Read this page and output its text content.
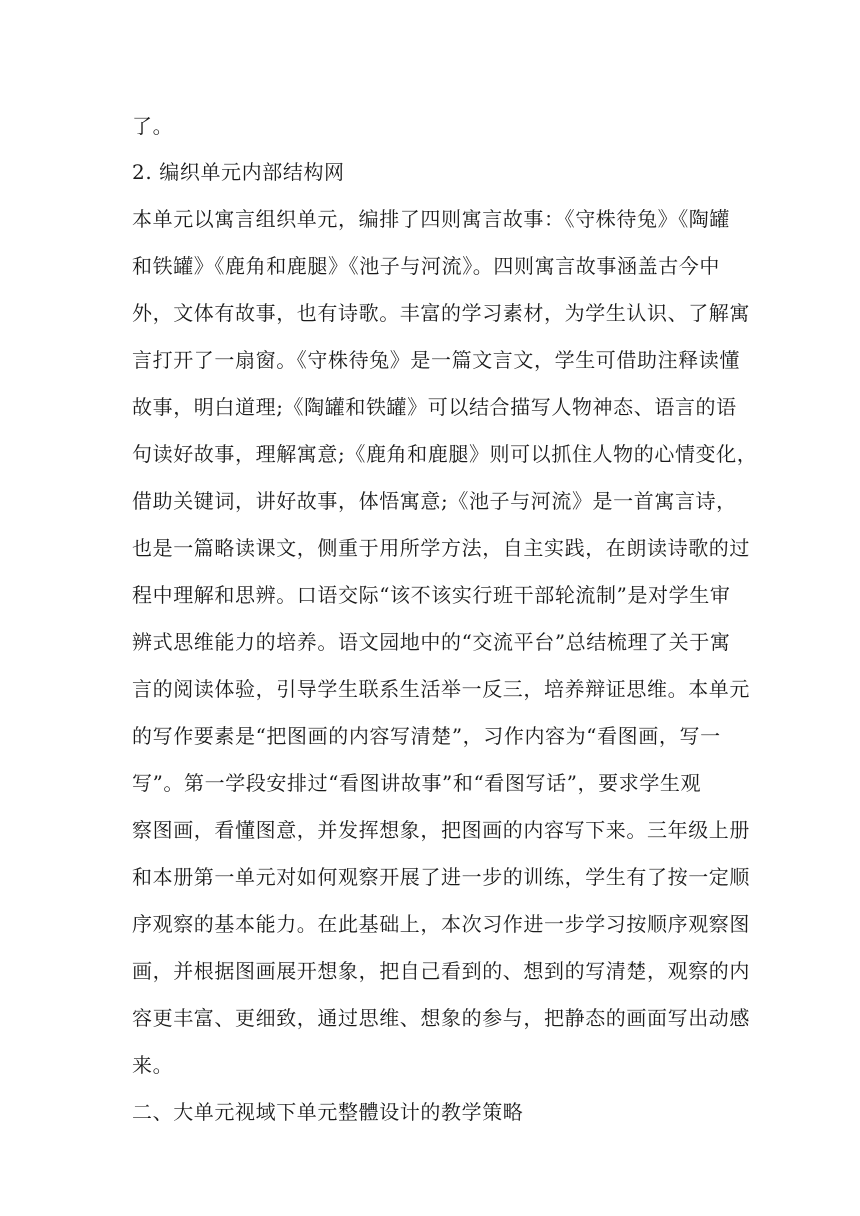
了。
2. 编织单元内部结构网
本单元以寓言组织单元，编排了四则寓言故事：《守株待兔》《陶罐
和铁罐》《鹿角和鹿腿》《池子与河流》。四则寓言故事涵盖古今中
外，文体有故事，也有诗歌。丰富的学习素材，为学生认识、了解寓
言打开了一扇窗。《守株待兔》是一篇文言文，学生可借助注释读懂
故事，明白道理;《陶罐和铁罐》可以结合描写人物神态、语言的语
句读好故事，理解寓意;《鹿角和鹿腿》则可以抓住人物的心情变化，
借助关键词，讲好故事，体悟寓意;《池子与河流》是一首寓言诗，
也是一篇略读课文，侧重于用所学方法，自主实践，在朗读诗歌的过
程中理解和思辨。口语交际“该不该实行班干部轮流制”是对学生审
辨式思维能力的培养。语文园地中的“交流平台”总结梳理了关于寓
言的阅读体验，引导学生联系生活举一反三，培养辩证思维。本单元
的写作要素是“把图画的内容写清楚”，习作内容为“看图画，写一
写”。第一学段安排过“看图讲故事”和“看图写话”，要求学生观
察图画，看懂图意，并发挥想象，把图画的内容写下来。三年级上册
和本册第一单元对如何观察开展了进一步的训练，学生有了按一定顺
序观察的基本能力。在此基础上，本次习作进一步学习按顺序观察图
画，并根据图画展开想象，把自己看到的、想到的写清楚，观察的内
容更丰富、更细致，通过思维、想象的参与，把静态的画面写出动感
来。
二、大单元视域下单元整體设计的教学策略
